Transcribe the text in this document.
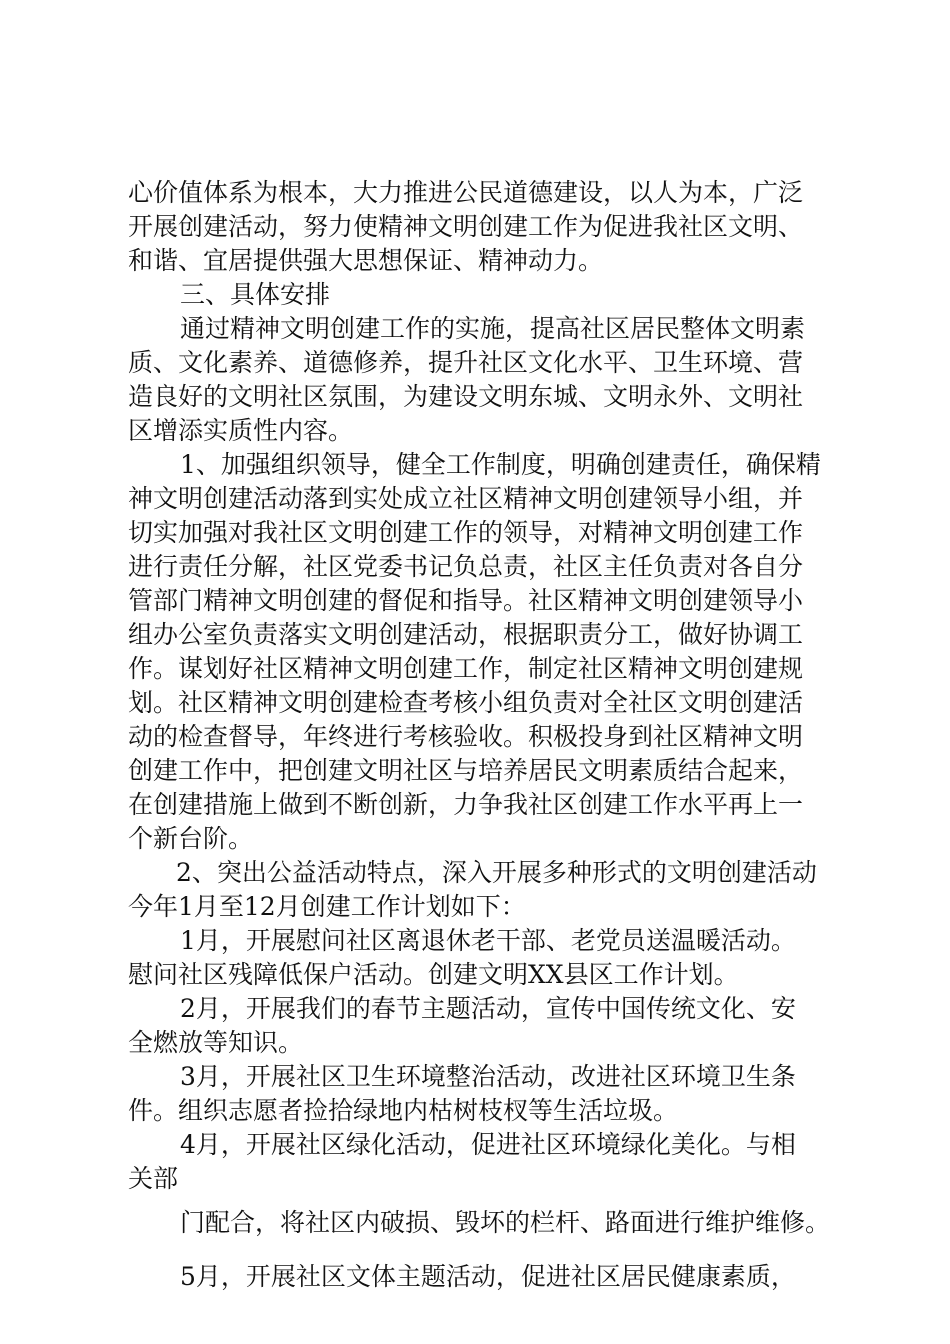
心价值体系为根本，大力推进公民道德建设，以人为本，广泛
开展创建活动，努力使精神文明创建工作为促进我社区文明、
和谐、宜居提供强大思想保证、精神动力。
三、具体安排
通过精神文明创建工作的实施，提高社区居民整体文明素
质、文化素养、道德修养，提升社区文化水平、卫生环境、营
造良好的文明社区氛围，为建设文明东城、文明永外、文明社
区增添实质性内容。
1、加强组织领导，健全工作制度，明确创建责任，确保精
神文明创建活动落到实处成立社区精神文明创建领导小组，并
切实加强对我社区文明创建工作的领导，对精神文明创建工作
进行责任分解，社区党委书记负总责，社区主任负责对各自分
管部门精神文明创建的督促和指导。社区精神文明创建领导小
组办公室负责落实文明创建活动，根据职责分工，做好协调工
作。谋划好社区精神文明创建工作，制定社区精神文明创建规
划。社区精神文明创建检查考核小组负责对全社区文明创建活
动的检查督导，年终进行考核验收。积极投身到社区精神文明
创建工作中，把创建文明社区与培养居民文明素质结合起来，
在创建措施上做到不断创新，力争我社区创建工作水平再上一
个新台阶。
2、突出公益活动特点，深入开展多种形式的文明创建活动
今年1月至12月创建工作计划如下：
1月，开展慰问社区离退休老干部、老党员送温暖活动。
慰问社区残障低保户活动。创建文明XX县区工作计划。
2月，开展我们的春节主题活动，宣传中国传统文化、安
全燃放等知识。
3月，开展社区卫生环境整治活动，改进社区环境卫生条
件。组织志愿者捡拾绿地内枯树枝杈等生活垃圾。
4月，开展社区绿化活动，促进社区环境绿化美化。与相
关部
门配合，将社区内破损、毁坏的栏杆、路面进行维护维修。
5月，开展社区文体主题活动，促进社区居民健康素质，
